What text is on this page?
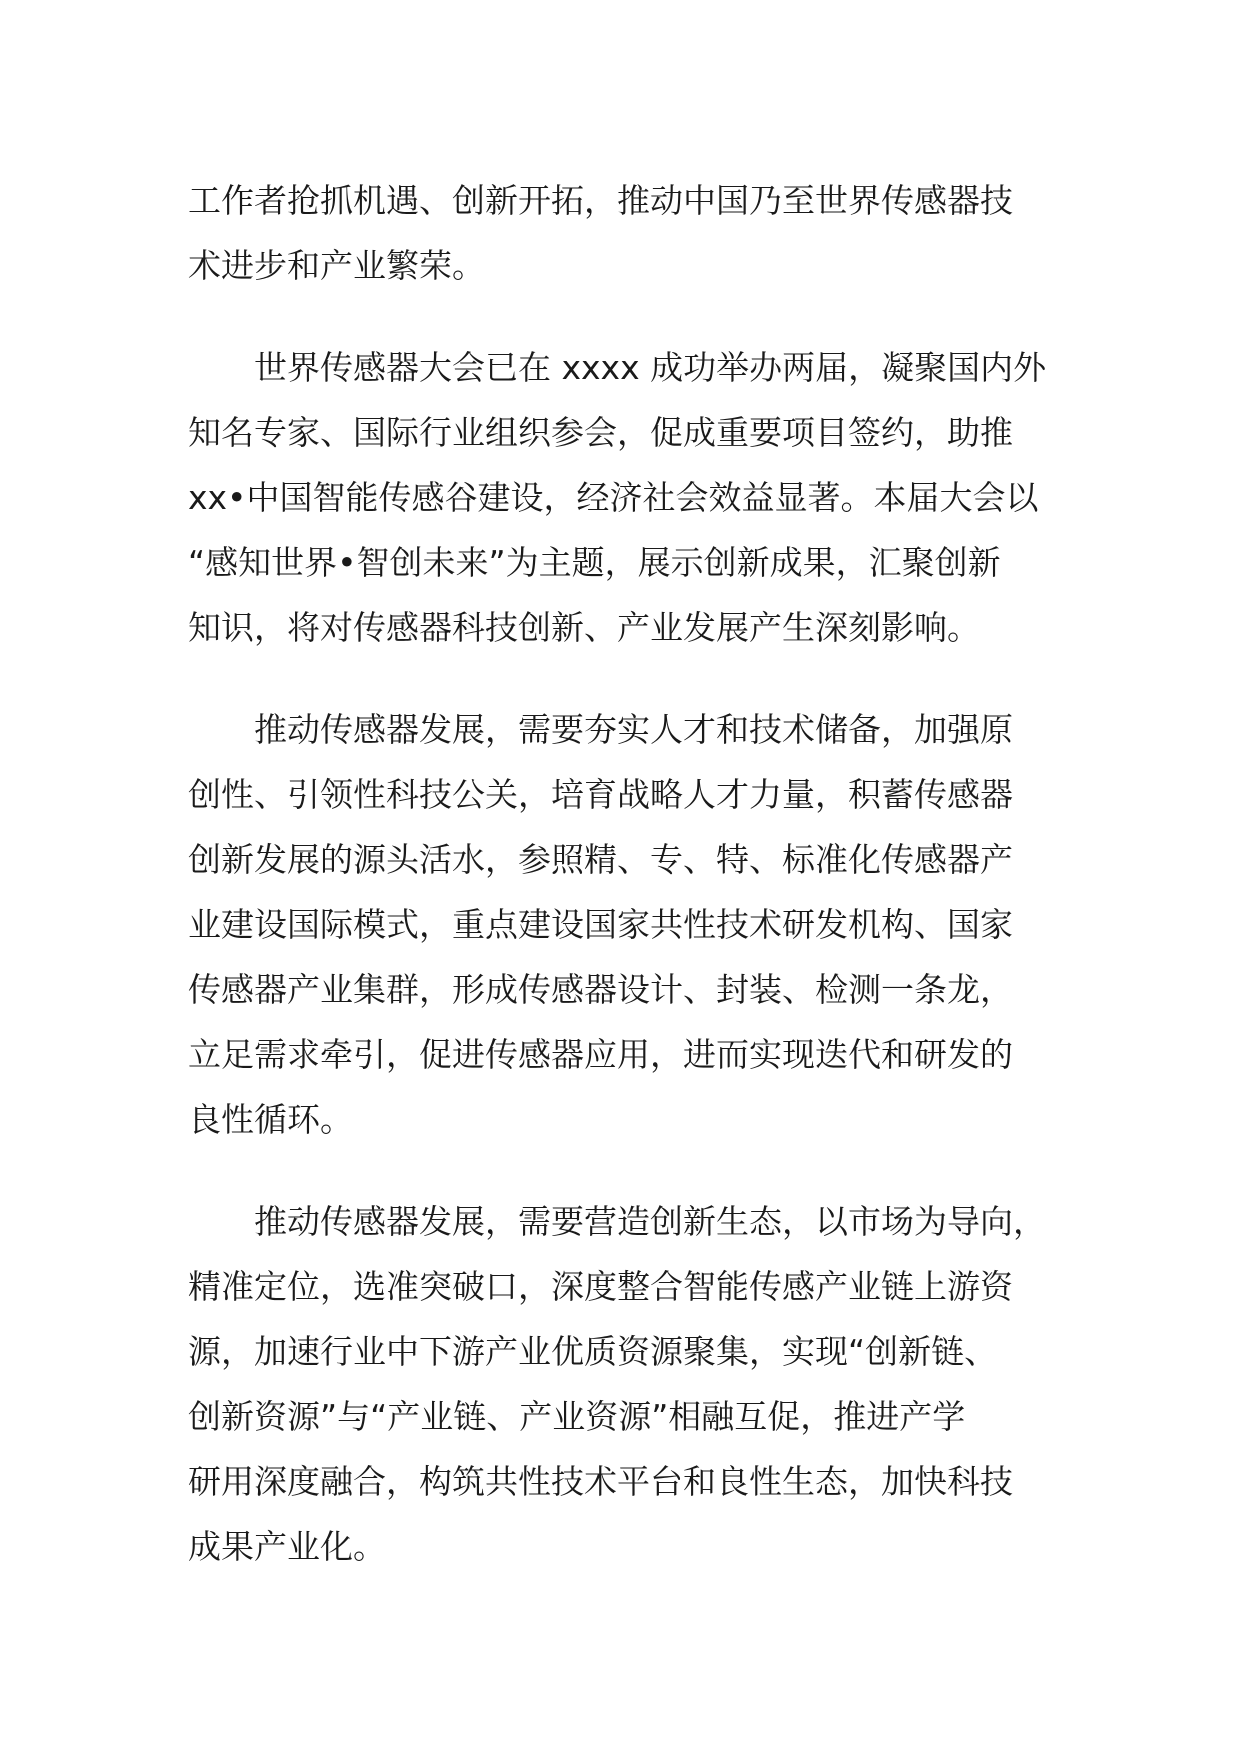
工作者抢抓机遇、创新开拓，推动中国乃至世界传感器技
术进步和产业繁荣。
　　世界传感器大会已在 xxxx 成功举办两届，凝聚国内外
知名专家、国际行业组织参会，促成重要项目签约，助推
xx•中国智能传感谷建设，经济社会效益显著。本届大会以
“感知世界•智创未来”为主题，展示创新成果，汇聚创新
知识，将对传感器科技创新、产业发展产生深刻影响。
　　推动传感器发展，需要夯实人才和技术储备，加强原
创性、引领性科技公关，培育战略人才力量，积蓄传感器
创新发展的源头活水，参照精、专、特、标准化传感器产
业建设国际模式，重点建设国家共性技术研发机构、国家
传感器产业集群，形成传感器设计、封装、检测一条龙，
立足需求牵引，促进传感器应用，进而实现迭代和研发的
良性循环。
　　推动传感器发展，需要营造创新生态，以市场为导向，
精准定位，选准突破口，深度整合智能传感产业链上游资
源，加速行业中下游产业优质资源聚集，实现“创新链、
创新资源”与“产业链、产业资源”相融互促，推进产学
研用深度融合，构筑共性技术平台和良性生态，加快科技
成果产业化。
